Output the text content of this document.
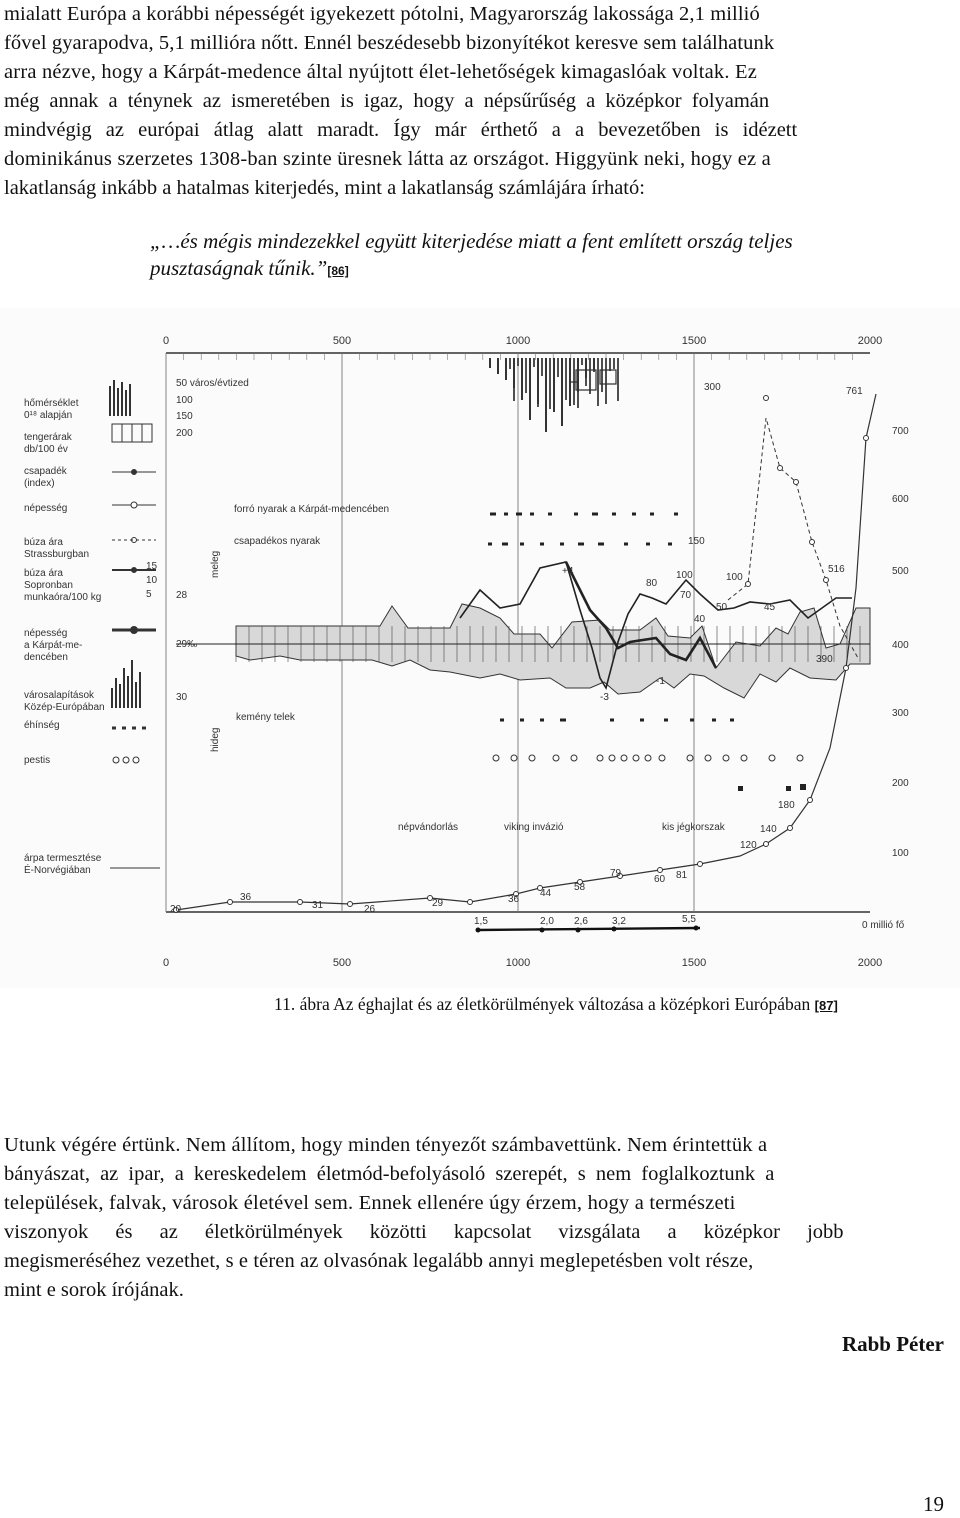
mialatt Európa a korábbi népességét igyekezett pótolni, Magyarország lakossága 2,1 millió
fővel gyarapodva, 5,1 millióra nőtt. Ennél beszédesebb bizonyítékot keresve sem találhatunk
arra nézve, hogy a Kárpát-medence által nyújtott élet-lehetőségek kimagaslóak voltak. Ez
még annak a ténynek az ismeretében is igaz, hogy a népsűrűség a középkor folyamán
mindvégig az európai átlag alatt maradt. Így már érthető a a bevezetőben is idézett
dominikánus szerzetes 1308-ban szinte üresnek látta az országot. Higgyünk neki, hogy ez a
lakatlanság inkább a hatalmas kiterjedés, mint a lakatlanság számlájára írható:
„…és mégis mindezekkel együtt kiterjedése miatt a fent említett ország teljes
pusztaságnak tűnik.”[86]
0	500	1000	1500	2000
0	500	1000	1500	2000
hőmérséklet
0¹⁸ alapján
tengerárak
db/100 év
csapadék
(index)
népesség
búza ára
Strassburgban
búza ára
Sopronban
munkaóra/100 kg
népesség
a Kárpát-me-
dencében
városalapítások
Közép-Európában
éhínség
pestis
árpa termesztése
É-Norvégiában
50 város/évtized
100
150
200
15
10
5 28
29‰
30
meleg
hideg
forró nyarak a Kárpát-medencében
csapadékos nyarak
kemény telek
népvándorlás	viking invázió	kis jégkorszak
700
600
500
400
300
200
100
0 millió fő
20
36
31	26
29	36
44
58
79
60 81
180
140
120
761
516
390
1,5	2,0 2,6 3,2	5,5
150
100
80
70
100
50	45
40
300
+4
-3
-1
11. ábra Az éghajlat és az életkörülmények változása a középkori Európában [87]
Utunk végére értünk. Nem állítom, hogy minden tényezőt számbavettünk. Nem érintettük a
bányászat, az ipar, a kereskedelem életmód-befolyásoló szerepét, s nem foglalkoztunk a
települések, falvak, városok életével sem. Ennek ellenére úgy érzem, hogy a természeti
viszonyok és az életkörülmények közötti kapcsolat vizsgálata a középkor jobb
megismeréséhez vezethet, s e téren az olvasónak legalább annyi meglepetésben volt része,
mint e sorok írójának.
Rabb Péter
19
